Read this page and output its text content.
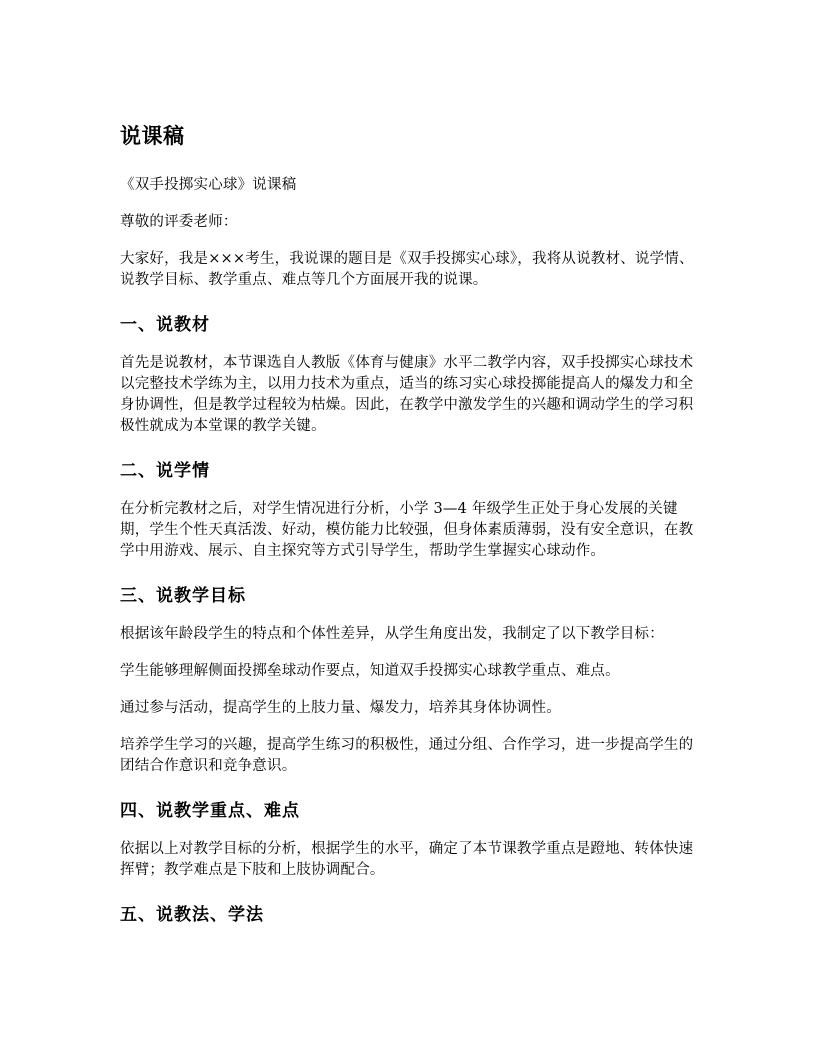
说课稿

《双手投掷实心球》说课稿

尊敬的评委老师：

大家好，我是×××考生，我说课的题目是《双手投掷实心球》，我将从说教材、说学情、说教学目标、教学重点、难点等几个方面展开我的说课。

一、说教材

首先是说教材，本节课选自人教版《体育与健康》水平二教学内容，双手投掷实心球技术以完整技术学练为主，以用力技术为重点，适当的练习实心球投掷能提高人的爆发力和全身协调性，但是教学过程较为枯燥。因此，在教学中激发学生的兴趣和调动学生的学习积极性就成为本堂课的教学关键。

二、说学情

在分析完教材之后，对学生情况进行分析，小学 3—4 年级学生正处于身心发展的关键期，学生个性天真活泼、好动，模仿能力比较强，但身体素质薄弱，没有安全意识，在教学中用游戏、展示、自主探究等方式引导学生，帮助学生掌握实心球动作。

三、说教学目标

根据该年龄段学生的特点和个体性差异，从学生角度出发，我制定了以下教学目标：

学生能够理解侧面投掷垒球动作要点，知道双手投掷实心球教学重点、难点。

通过参与活动，提高学生的上肢力量、爆发力，培养其身体协调性。

培养学生学习的兴趣，提高学生练习的积极性，通过分组、合作学习，进一步提高学生的团结合作意识和竞争意识。

四、说教学重点、难点

依据以上对教学目标的分析，根据学生的水平，确定了本节课教学重点是蹬地、转体快速挥臂；教学难点是下肢和上肢协调配合。

五、说教法、学法
